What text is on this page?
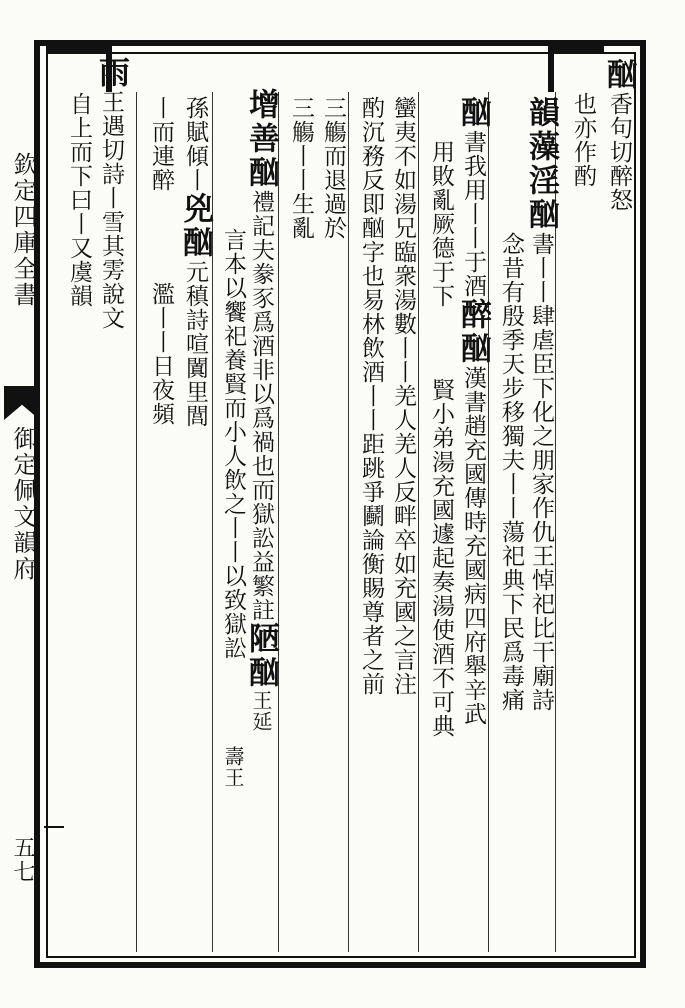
欽定四庫全書
御定佩文韻府
五七
酗香句切醉怒
也亦作酌
韻藻淫酗書丨丨肆虐臣下化之朋家作仇王悼祀比干廟詩
念昔有殷季天步移獨夫丨丨蕩祀典下民爲毒痛
酗書我用丨丨于酒醉酗漢書趙充國傳時充國病四府舉辛武
用敗亂厥德于下賢小弟湯充國遽起奏湯使酒不可典
蠻夷不如湯兄臨衆湯數丨丨羌人羌人反畔卒如充國之言注
酌沉務反即酗字也易林飲酒丨丨距跳爭鬬論衡賜尊者之前
三觴而退過於
三觴丨丨生亂
增善酗禮記夫豢豕爲酒非以爲禍也而獄訟益繁註陋酗王延
言本以饗祀養賢而小人飲之丨丨以致獄訟壽王
孫賦傾丨兇酗元稹詩喧闐里閭
丨而連醉濫丨丨日夜頻
雨王遇切詩丨雪其雱說文
自上而下曰丨又虞韻
